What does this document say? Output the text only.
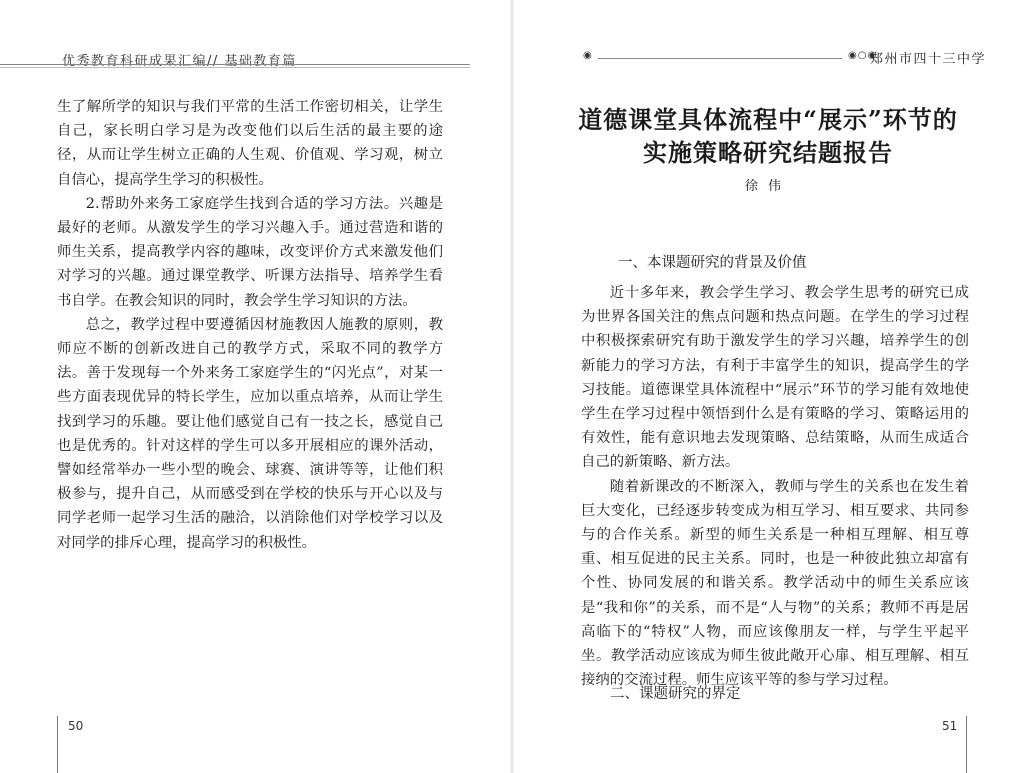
优秀教育科研成果汇编// 基础教育篇

生了解所学的知识与我们平常的生活工作密切相关，让学生自己，家长明白学习是为改变他们以后生活的最主要的途径，从而让学生树立正确的人生观、价值观、学习观，树立自信心，提高学生学习的积极性。

2.帮助外来务工家庭学生找到合适的学习方法。兴趣是最好的老师。从激发学生的学习兴趣入手。通过营造和谐的师生关系，提高教学内容的趣味，改变评价方式来激发他们对学习的兴趣。通过课堂教学、听课方法指导、培养学生看书自学。在教会知识的同时，教会学生学习知识的方法。

总之，教学过程中要遵循因材施教因人施教的原则，教师应不断的创新改进自己的教学方式，采取不同的教学方法。善于发现每一个外来务工家庭学生的“闪光点”，对某一些方面表现优异的特长学生，应加以重点培养，从而让学生找到学习的乐趣。要让他们感觉自己有一技之长，感觉自己也是优秀的。针对这样的学生可以多开展相应的课外活动，譬如经常举办一些小型的晚会、球赛、演讲等等，让他们积极参与，提升自己，从而感受到在学校的快乐与开心以及与同学老师一起学习生活的融洽，以消除他们对学校学习以及对同学的排斥心理，提高学习的积极性。

50
◉	◉○◉
郑州市四十三中学
道德课堂具体流程中“展示”环节的
实施策略研究结题报告
徐伟
一、本课题研究的背景及价值

近十多年来，教会学生学习、教会学生思考的研究已成为世界各国关注的焦点问题和热点问题。在学生的学习过程中积极探索研究有助于激发学生的学习兴趣，培养学生的创新能力的学习方法，有利于丰富学生的知识，提高学生的学习技能。道德课堂具体流程中“展示”环节的学习能有效地使学生在学习过程中领悟到什么是有策略的学习、策略运用的有效性，能有意识地去发现策略、总结策略，从而生成适合自己的新策略、新方法。

随着新课改的不断深入，教师与学生的关系也在发生着巨大变化，已经逐步转变成为相互学习、相互要求、共同参与的合作关系。新型的师生关系是一种相互理解、相互尊重、相互促进的民主关系。同时，也是一种彼此独立却富有个性、协同发展的和谐关系。教学活动中的师生关系应该是“我和你”的关系，而不是“人与物”的关系；教师不再是居高临下的“特权”人物，而应该像朋友一样，与学生平起平坐。教学活动应该成为师生彼此敞开心扉、相互理解、相互接纳的交流过程。师生应该平等的参与学习过程。

二、课题研究的界定
51
